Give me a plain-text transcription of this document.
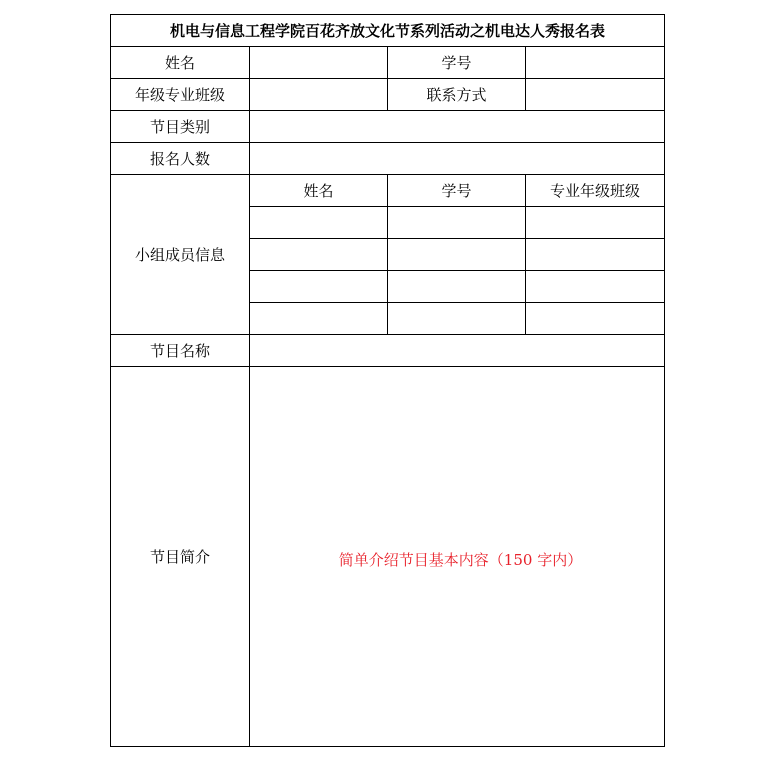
机电与信息工程学院百花齐放文化节系列活动之机电达人秀报名表			
姓名		学号	
年级专业班级		联系方式	
节目类别			
报名人数			
小组成员信息	姓名	学号	专业年级班级

节目名称			
节目简介	简单介绍节目基本内容（150 字内）		
